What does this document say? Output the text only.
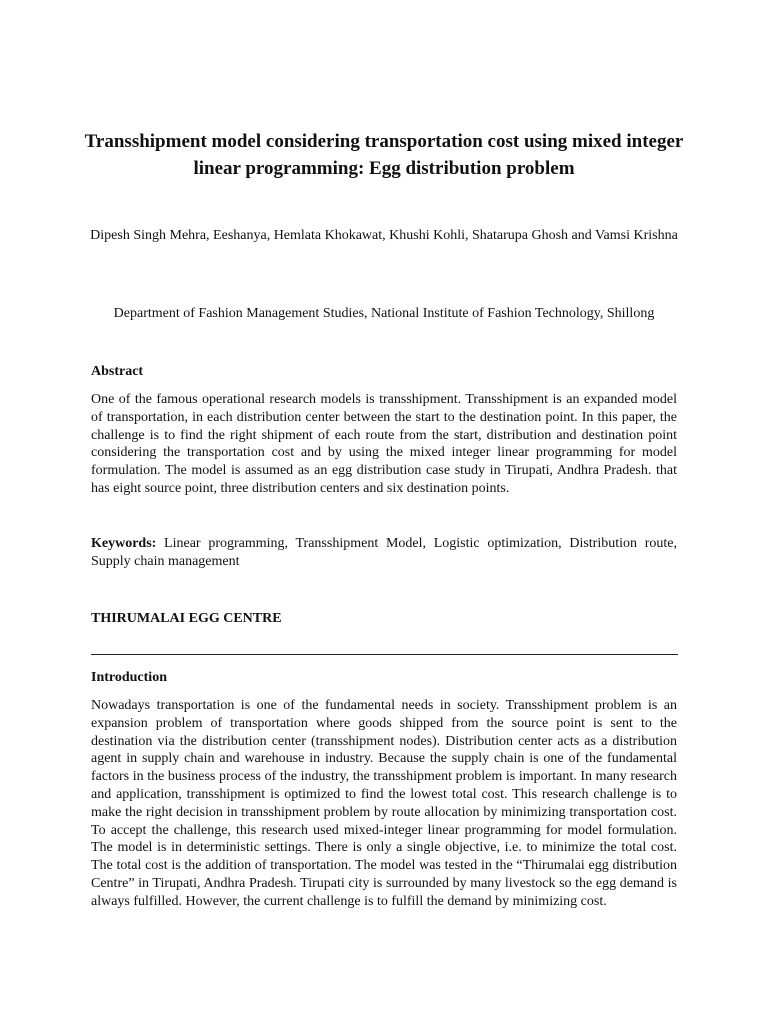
Transshipment model considering transportation cost using mixed integer linear programming: Egg distribution problem

Dipesh Singh Mehra, Eeshanya, Hemlata Khokawat, Khushi Kohli, Shatarupa Ghosh and Vamsi Krishna

Department of Fashion Management Studies, National Institute of Fashion Technology, Shillong

Abstract

One of the famous operational research models is transshipment. Transshipment is an expanded model of transportation, in each distribution center between the start to the destination point. In this paper, the challenge is to find the right shipment of each route from the start, distribution and destination point considering the transportation cost and by using the mixed integer linear programming for model formulation. The model is assumed as an egg distribution case study in Tirupati, Andhra Pradesh. that has eight source point, three distribution centers and six destination points.

Keywords: Linear programming, Transshipment Model, Logistic optimization, Distribution route, Supply chain management

THIRUMALAI EGG CENTRE
Introduction

Nowadays transportation is one of the fundamental needs in society. Transshipment problem is an expansion problem of transportation where goods shipped from the source point is sent to the destination via the distribution center (transshipment nodes). Distribution center acts as a distribution agent in supply chain and warehouse in industry. Because the supply chain is one of the fundamental factors in the business process of the industry, the transshipment problem is important. In many research and application, transshipment is optimized to find the lowest total cost. This research challenge is to make the right decision in transshipment problem by route allocation by minimizing transportation cost. To accept the challenge, this research used mixed-integer linear programming for model formulation. The model is in deterministic settings. There is only a single objective, i.e. to minimize the total cost. The total cost is the addition of transportation. The model was tested in the “Thirumalai egg distribution Centre” in Tirupati, Andhra Pradesh. Tirupati city is surrounded by many livestock so the egg demand is always fulfilled. However, the current challenge is to fulfill the demand by minimizing cost.
